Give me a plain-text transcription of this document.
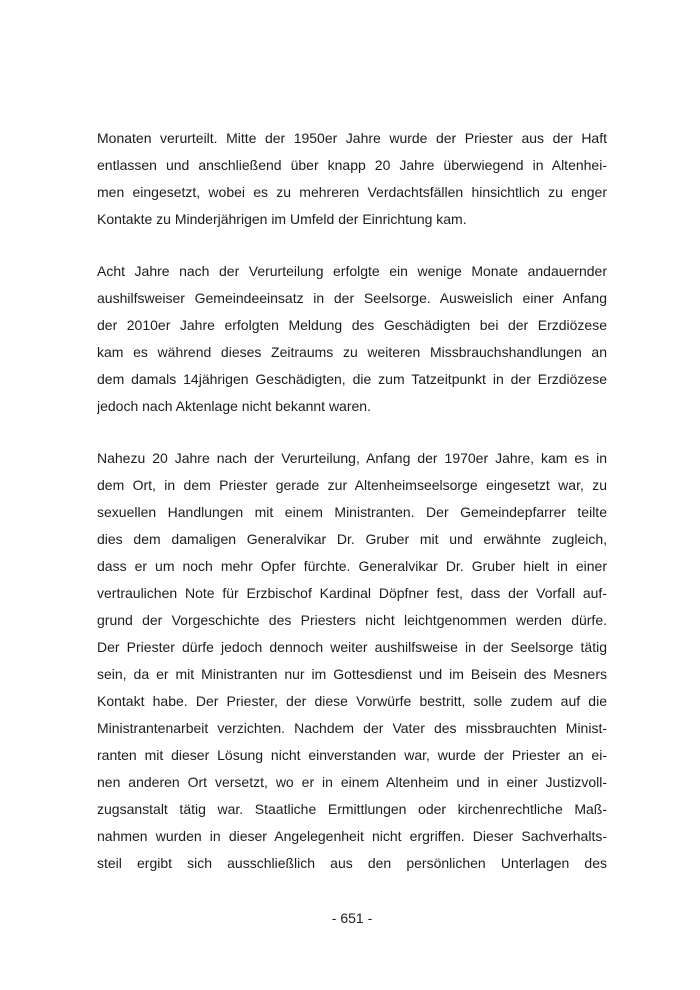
Monaten verurteilt. Mitte der 1950er Jahre wurde der Priester aus der Haft
entlassen und anschließend über knapp 20 Jahre überwiegend in Altenhei-
men eingesetzt, wobei es zu mehreren Verdachtsfällen hinsichtlich zu enger
Kontakte zu Minderjährigen im Umfeld der Einrichtung kam.
Acht Jahre nach der Verurteilung erfolgte ein wenige Monate andauernder
aushilfsweiser Gemeindeeinsatz in der Seelsorge. Ausweislich einer Anfang
der 2010er Jahre erfolgten Meldung des Geschädigten bei der Erzdiözese
kam es während dieses Zeitraums zu weiteren Missbrauchshandlungen an
dem damals 14jährigen Geschädigten, die zum Tatzeitpunkt in der Erzdiözese
jedoch nach Aktenlage nicht bekannt waren.
Nahezu 20 Jahre nach der Verurteilung, Anfang der 1970er Jahre, kam es in
dem Ort, in dem Priester gerade zur Altenheimseelsorge eingesetzt war, zu
sexuellen Handlungen mit einem Ministranten. Der Gemeindepfarrer teilte
dies dem damaligen Generalvikar Dr. Gruber mit und erwähnte zugleich,
dass er um noch mehr Opfer fürchte. Generalvikar Dr. Gruber hielt in einer
vertraulichen Note für Erzbischof Kardinal Döpfner fest, dass der Vorfall auf-
grund der Vorgeschichte des Priesters nicht leichtgenommen werden dürfe.
Der Priester dürfe jedoch dennoch weiter aushilfsweise in der Seelsorge tätig
sein, da er mit Ministranten nur im Gottesdienst und im Beisein des Mesners
Kontakt habe. Der Priester, der diese Vorwürfe bestritt, solle zudem auf die
Ministrantenarbeit verzichten. Nachdem der Vater des missbrauchten Minist-
ranten mit dieser Lösung nicht einverstanden war, wurde der Priester an ei-
nen anderen Ort versetzt, wo er in einem Altenheim und in einer Justizvoll-
zugsanstalt tätig war. Staatliche Ermittlungen oder kirchenrechtliche Maß-
nahmen wurden in dieser Angelegenheit nicht ergriffen. Dieser Sachverhalts-
steil ergibt sich ausschließlich aus den persönlichen Unterlagen des
- 651 -
